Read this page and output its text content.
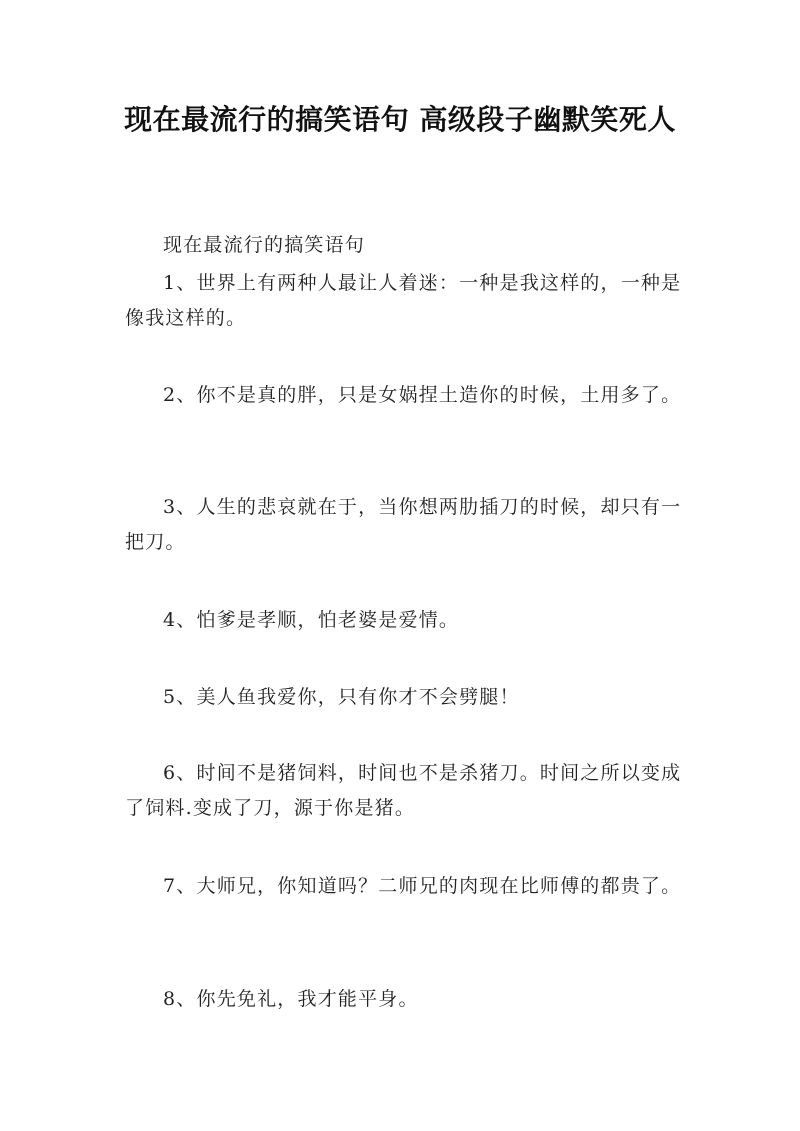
现在最流行的搞笑语句 高级段子幽默笑死人

现在最流行的搞笑语句

1、世界上有两种人最让人着迷：一种是我这样的，一种是像我这样的。

2、你不是真的胖，只是女娲捏土造你的时候，土用多了。

3、人生的悲哀就在于，当你想两肋插刀的时候，却只有一把刀。

4、怕爹是孝顺，怕老婆是爱情。

5、美人鱼我爱你，只有你才不会劈腿！

6、时间不是猪饲料，时间也不是杀猪刀。时间之所以变成了饲料.变成了刀，源于你是猪。

7、大师兄，你知道吗？二师兄的肉现在比师傅的都贵了。

8、你先免礼，我才能平身。
